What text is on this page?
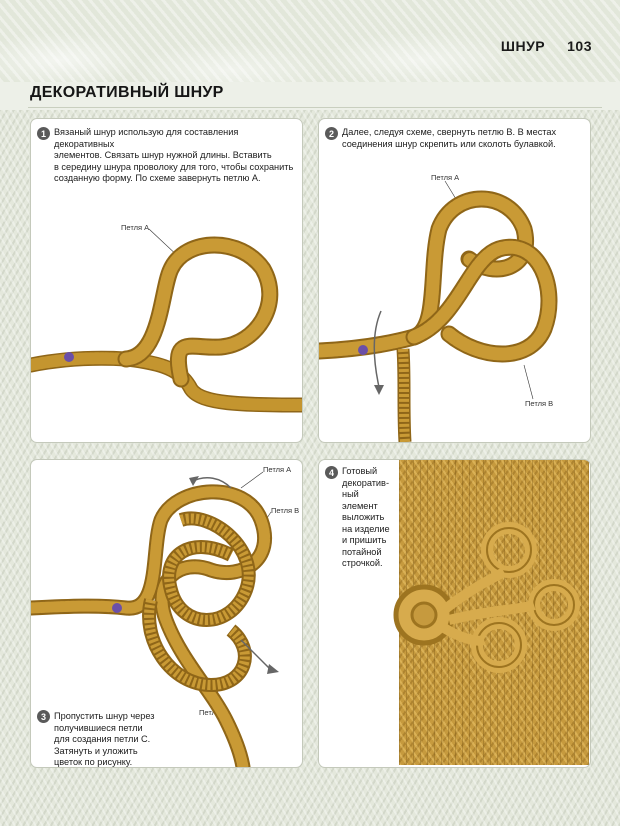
ШНУР 103
ДЕКОРАТИВНЫЙ ШНУР
1 Вязаный шнур использую для составления декоративных
элементов. Связать шнур нужной длины. Вставить
в середину шнура проволоку для того, чтобы сохранить
созданную форму. По схеме завернуть петлю А.
Петля А
2 Далее, следуя схеме, свернуть петлю В. В местах
соединения шнур скрепить или сколоть булавкой.
Петля А
Петля В
Петля А
Петля В
Петля С
3 Пропустить шнур через
получившиеся петли
для создания петли С.
Затянуть и уложить
цветок по рисунку.
4 Готовый
декоратив-
ный
элемент
выложить
на изделие
и пришить
потайной
строчкой.
